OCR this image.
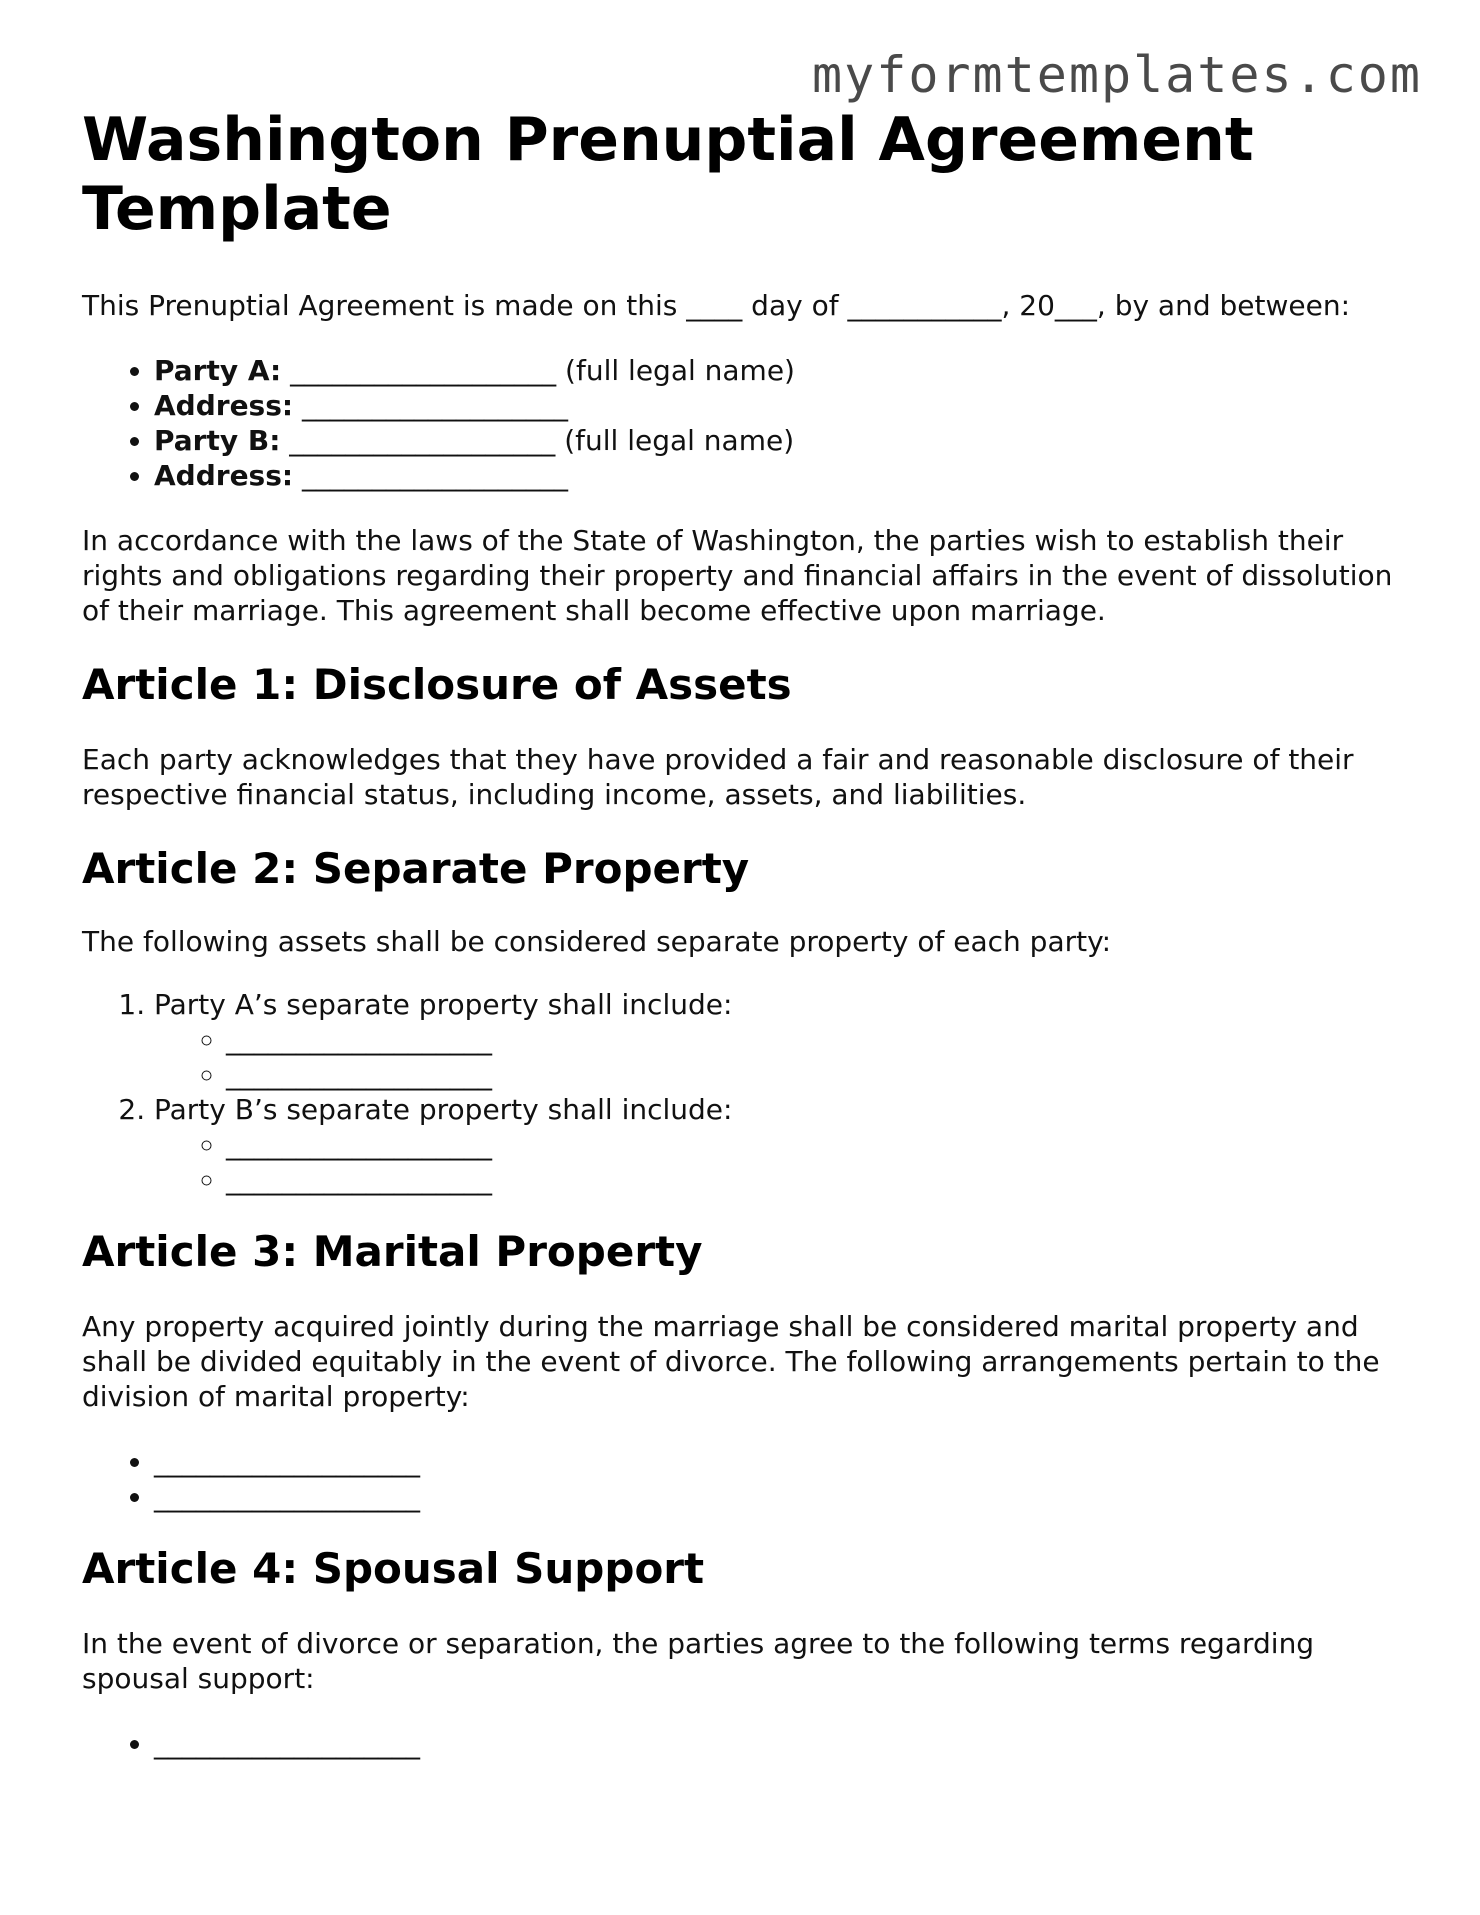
myformtemplates.com
Washington Prenuptial Agreement Template

This Prenuptial Agreement is made on this ____ day of ___________, 20___, by and between:

• Party A: ___________________ (full legal name)
• Address: ___________________
• Party B: ___________________ (full legal name)
• Address: ___________________

In accordance with the laws of the State of Washington, the parties wish to establish their rights and obligations regarding their property and financial affairs in the event of dissolution of their marriage. This agreement shall become effective upon marriage.

Article 1: Disclosure of Assets

Each party acknowledges that they have provided a fair and reasonable disclosure of their respective financial status, including income, assets, and liabilities.

Article 2: Separate Property

The following assets shall be considered separate property of each party:

1. Party A’s separate property shall include:
◦ ___________________
◦ ___________________
2. Party B’s separate property shall include:
◦ ___________________
◦ ___________________
Article 3: Marital Property

Any property acquired jointly during the marriage shall be considered marital property and shall be divided equitably in the event of divorce. The following arrangements pertain to the division of marital property:

• ___________________
• ___________________
Article 4: Spousal Support

In the event of divorce or separation, the parties agree to the following terms regarding spousal support:

• ___________________
